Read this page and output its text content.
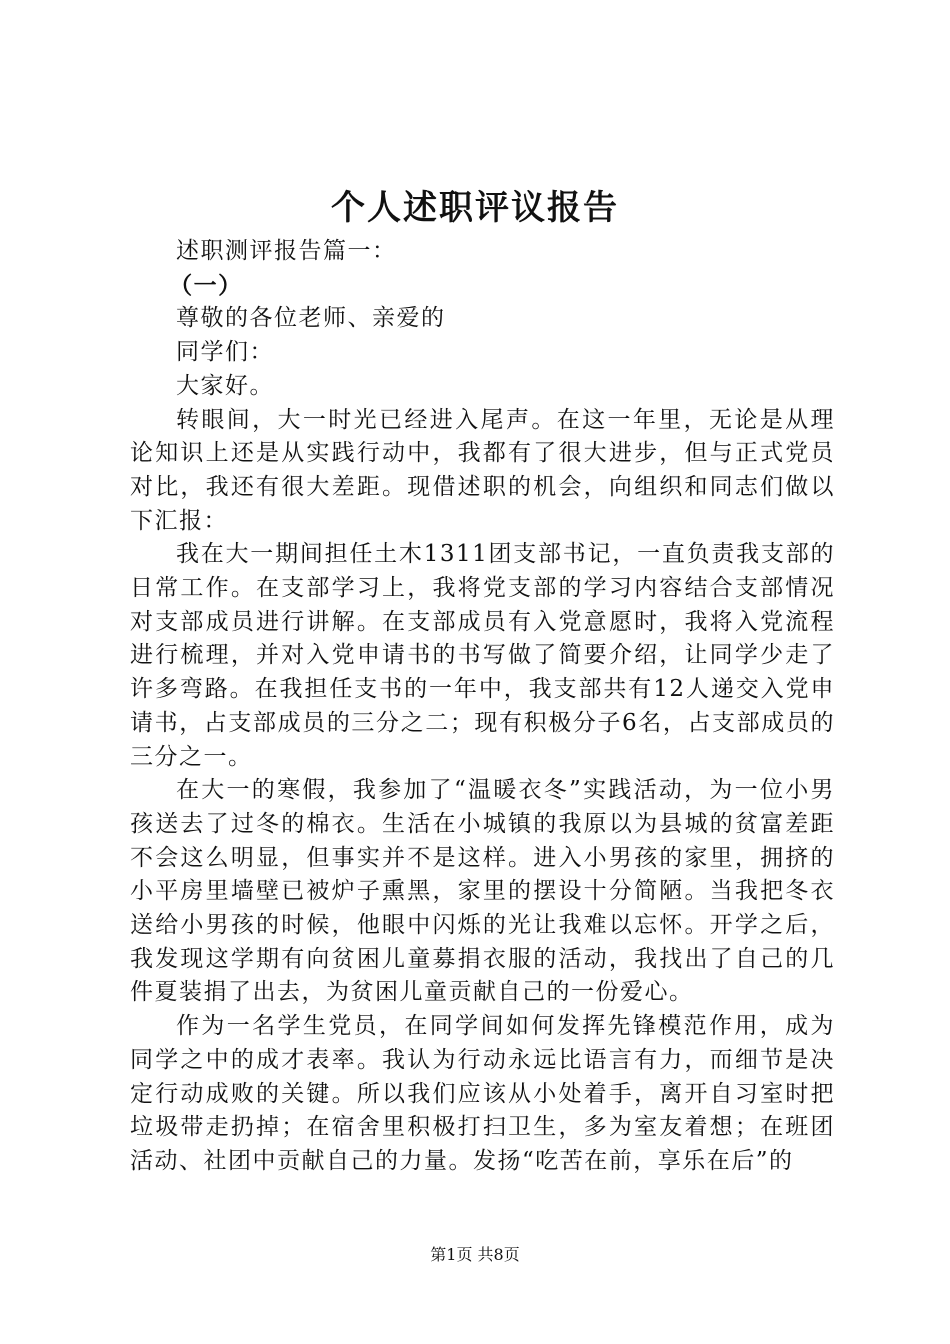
个人述职评议报告

述职测评报告篇一：

（一）

尊敬的各位老师、亲爱的

同学们：

大家好。

转眼间，大一时光已经进入尾声。在这一年里，无论是从理论知识上还是从实践行动中，我都有了很大进步，但与正式党员对比，我还有很大差距。现借述职的机会，向组织和同志们做以下汇报：

我在大一期间担任土木1311团支部书记，一直负责我支部的日常工作。在支部学习上，我将党支部的学习内容结合支部情况对支部成员进行讲解。在支部成员有入党意愿时，我将入党流程进行梳理，并对入党申请书的书写做了简要介绍，让同学少走了许多弯路。在我担任支书的一年中，我支部共有12人递交入党申请书，占支部成员的三分之二；现有积极分子6名，占支部成员的三分之一。

在大一的寒假，我参加了“温暖衣冬”实践活动，为一位小男孩送去了过冬的棉衣。生活在小城镇的我原以为县城的贫富差距不会这么明显，但事实并不是这样。进入小男孩的家里，拥挤的小平房里墙壁已被炉子熏黑，家里的摆设十分简陋。当我把冬衣送给小男孩的时候，他眼中闪烁的光让我难以忘怀。开学之后，我发现这学期有向贫困儿童募捐衣服的活动，我找出了自己的几件夏装捐了出去，为贫困儿童贡献自己的一份爱心。

作为一名学生党员，在同学间如何发挥先锋模范作用，成为同学之中的成才表率。我认为行动永远比语言有力，而细节是决定行动成败的关键。所以我们应该从小处着手，离开自习室时把垃圾带走扔掉；在宿舍里积极打扫卫生，多为室友着想；在班团活动、社团中贡献自己的力量。发扬“吃苦在前，享乐在后”的

第1页 共8页
